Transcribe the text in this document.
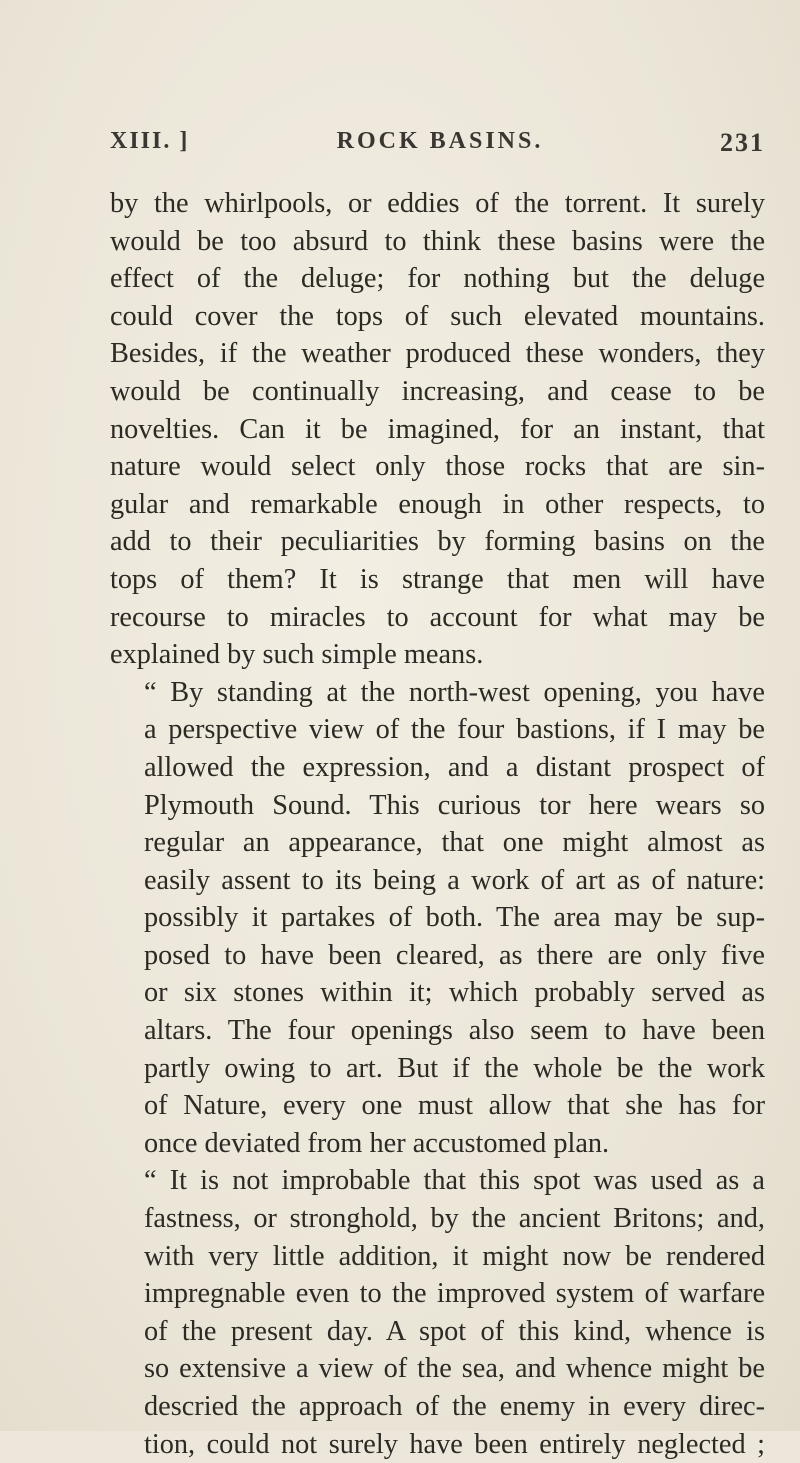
XIII. ]	ROCK BASINS.	231
by the whirlpools, or eddies of the torrent. It surely
would be too absurd to think these basins were the
effect of the deluge; for nothing but the deluge
could cover the tops of such elevated mountains.
Besides, if the weather produced these wonders, they
would be continually increasing, and cease to be
novelties. Can it be imagined, for an instant, that
nature would select only those rocks that are sin-
gular and remarkable enough in other respects, to
add to their peculiarities by forming basins on the
tops of them? It is strange that men will have
recourse to miracles to account for what may be
explained by such simple means.
“ By standing at the north-west opening, you have
a perspective view of the four bastions, if I may be
allowed the expression, and a distant prospect of
Plymouth Sound. This curious tor here wears so
regular an appearance, that one might almost as
easily assent to its being a work of art as of nature:
possibly it partakes of both. The area may be sup-
posed to have been cleared, as there are only five
or six stones within it; which probably served as
altars. The four openings also seem to have been
partly owing to art. But if the whole be the work
of Nature, every one must allow that she has for
once deviated from her accustomed plan.
“ It is not improbable that this spot was used as a
fastness, or stronghold, by the ancient Britons; and,
with very little addition, it might now be rendered
impregnable even to the improved system of warfare
of the present day. A spot of this kind, whence is
so extensive a view of the sea, and whence might be
descried the approach of the enemy in every direc-
tion, could not surely have been entirely neglected ;
